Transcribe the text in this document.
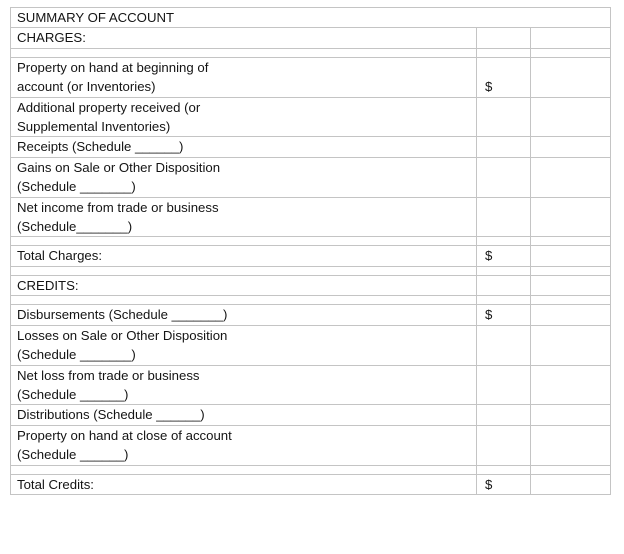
SUMMARY OF ACCOUNT		
CHARGES:		

Property on hand at beginning of
account (or Inventories)	$	

Additional property received (or
Supplemental Inventories)		

Receipts (Schedule ______)		

Gains on Sale or Other Disposition
(Schedule _______)		

Net income from trade or business
(Schedule_______)		

Total Charges:	$	

CREDITS:		

Disbursements (Schedule _______)	$	

Losses on Sale or Other Disposition
(Schedule _______)		

Net loss from trade or business
(Schedule ______)		

Distributions (Schedule ______)		

Property on hand at close of account
(Schedule ______)		

Total Credits:	$	
